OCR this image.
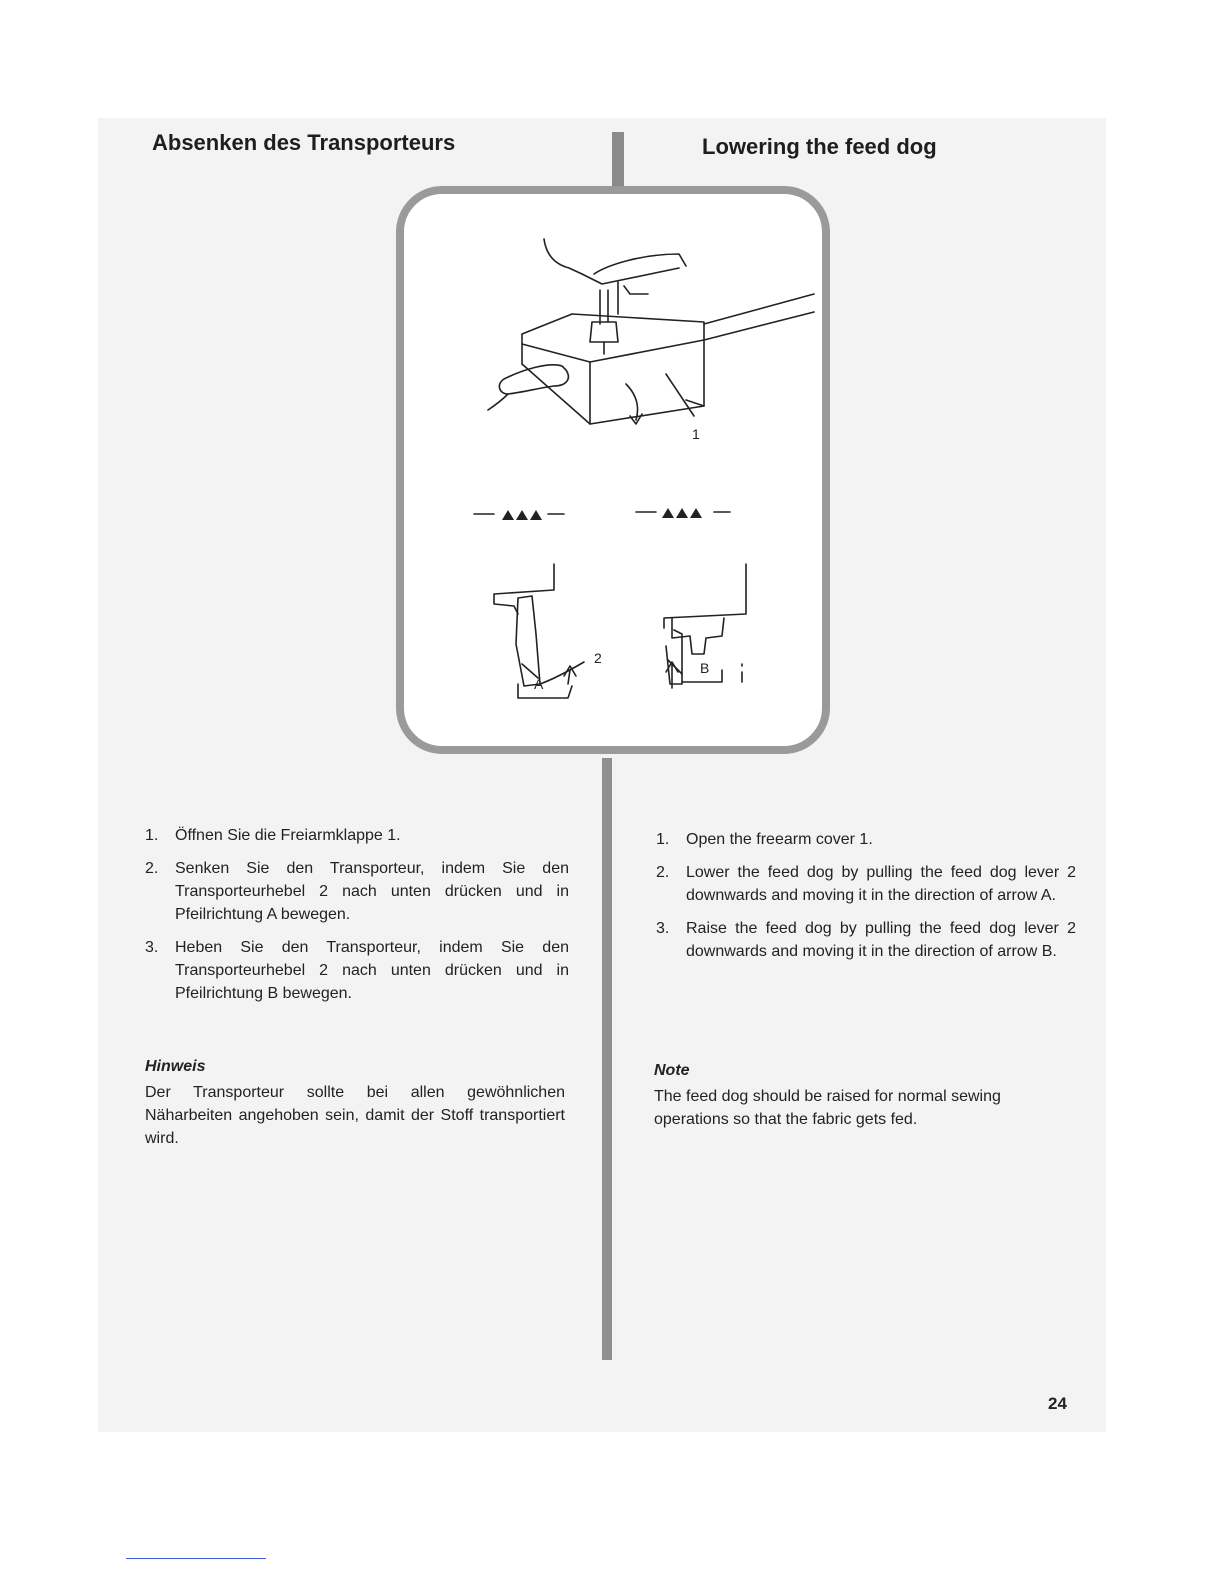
Absenken des Transporteurs	Lowering the feed dog
1
2
A
B
1. Öffnen Sie die Freiarmklappe 1.
2. Senken Sie den Transporteur, indem Sie den Transporteurhebel 2 nach unten drücken und in Pfeilrichtung A bewegen.
3. Heben Sie den Transporteur, indem Sie den Transporteurhebel 2 nach unten drücken und in Pfeilrichtung B bewegen.
1. Open the freearm cover 1.
2. Lower the feed dog by pulling the feed dog lever 2 downwards and moving it in the direction of arrow A.
3. Raise the feed dog by pulling the feed dog lever 2 downwards and moving it in the direction of arrow B.

Hinweis

Der Transporteur sollte bei allen gewöhnlichen Näharbeiten angehoben sein, damit der Stoff transportiert wird.

Note

The feed dog should be raised for normal sewing operations so that the fabric gets fed.

24
